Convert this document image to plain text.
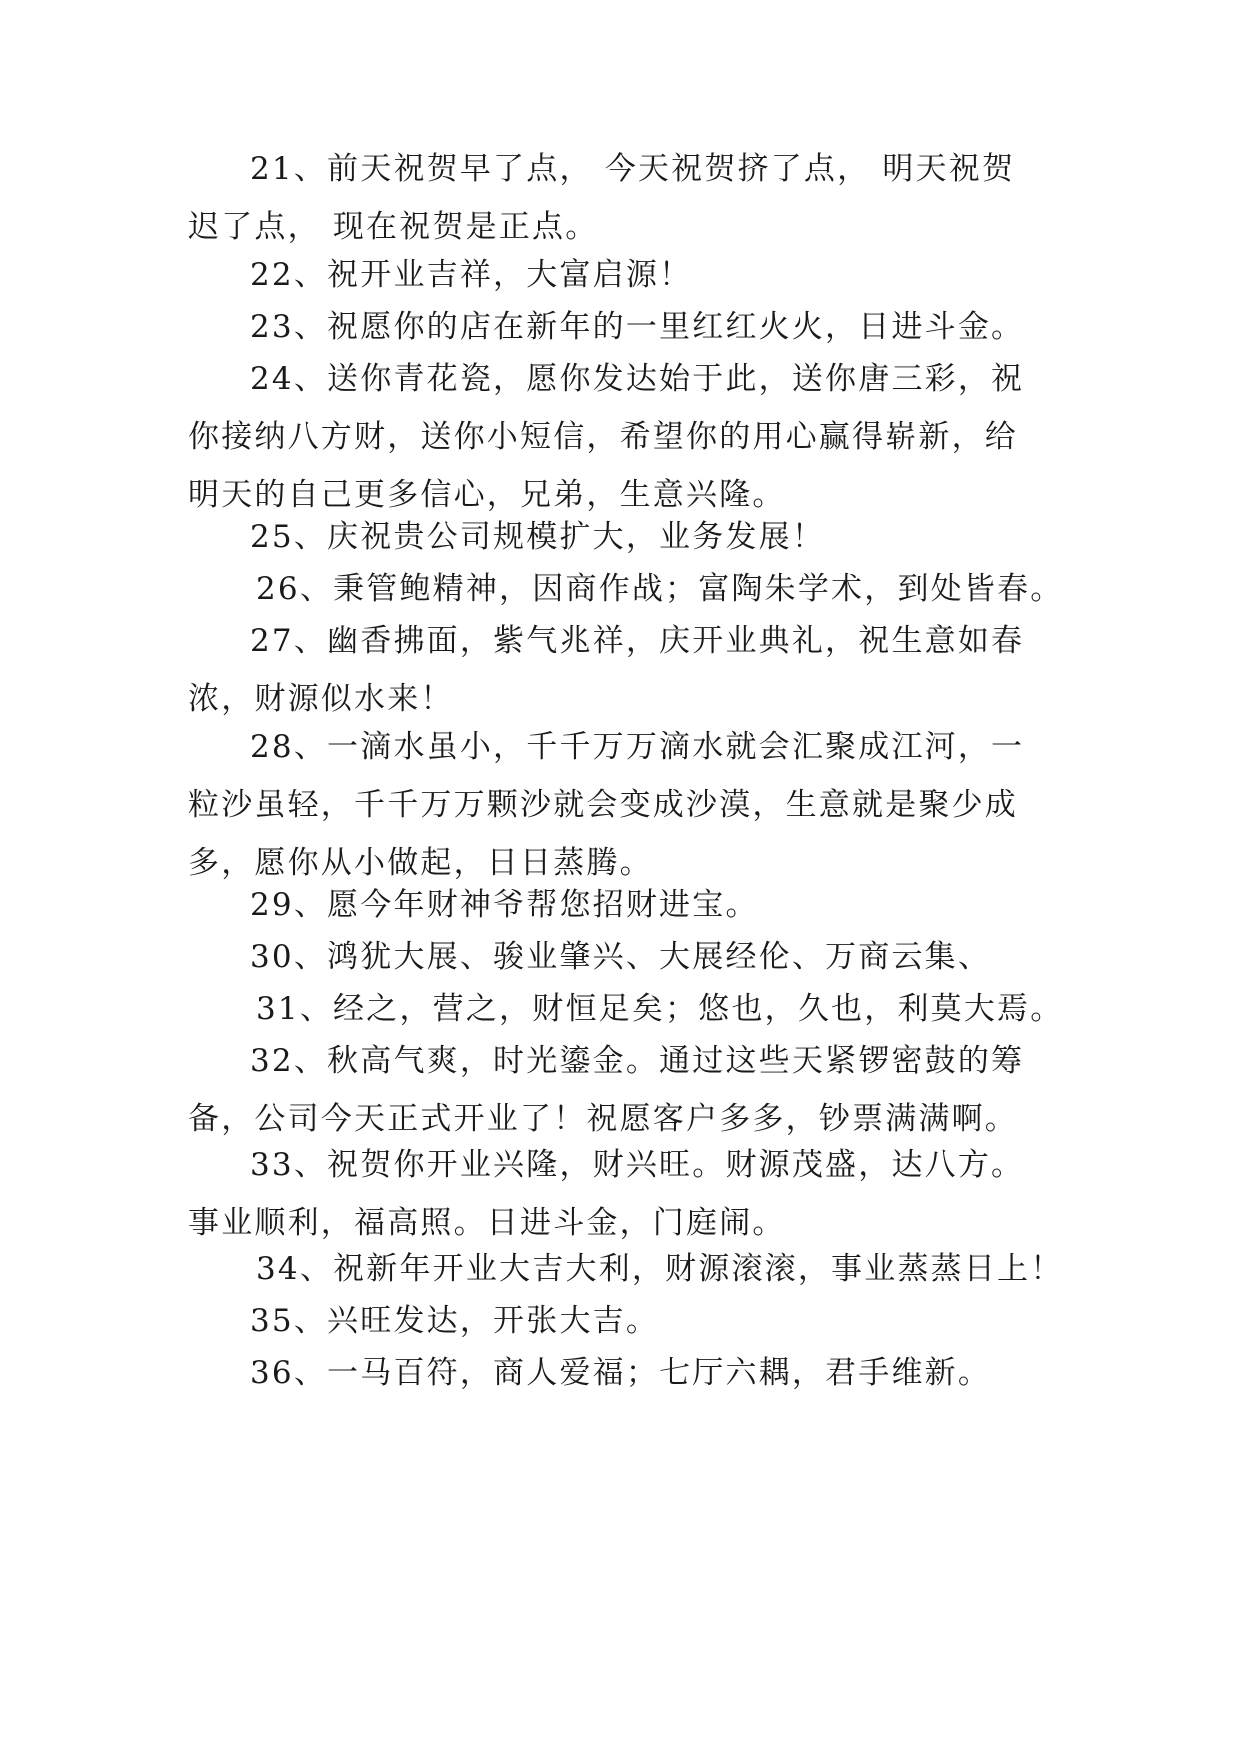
21、前天祝贺早了点， 今天祝贺挤了点， 明天祝贺迟了点， 现在祝贺是正点。

22、祝开业吉祥，大富启源！

23、祝愿你的店在新年的一里红红火火，日进斗金。

24、送你青花瓷，愿你发达始于此，送你唐三彩，祝你接纳八方财，送你小短信，希望你的用心赢得崭新，给明天的自己更多信心，兄弟，生意兴隆。

25、庆祝贵公司规模扩大，业务发展！

26、秉管鲍精神，因商作战；富陶朱学术，到处皆春。

27、幽香拂面，紫气兆祥，庆开业典礼，祝生意如春浓，财源似水来！

28、一滴水虽小，千千万万滴水就会汇聚成江河，一粒沙虽轻，千千万万颗沙就会变成沙漠，生意就是聚少成多，愿你从小做起，日日蒸腾。

29、愿今年财神爷帮您招财进宝。

30、鸿犹大展、骏业肇兴、大展经伦、万商云集、

31、经之，营之，财恒足矣；悠也，久也，利莫大焉。

32、秋高气爽，时光鎏金。通过这些天紧锣密鼓的筹备，公司今天正式开业了！祝愿客户多多，钞票满满啊。

33、祝贺你开业兴隆，财兴旺。财源茂盛，达八方。事业顺利，福高照。日进斗金，门庭闹。

34、祝新年开业大吉大利，财源滚滚，事业蒸蒸日上！

35、兴旺发达，开张大吉。

36、一马百符，商人爱福；七厅六耦，君手维新。
